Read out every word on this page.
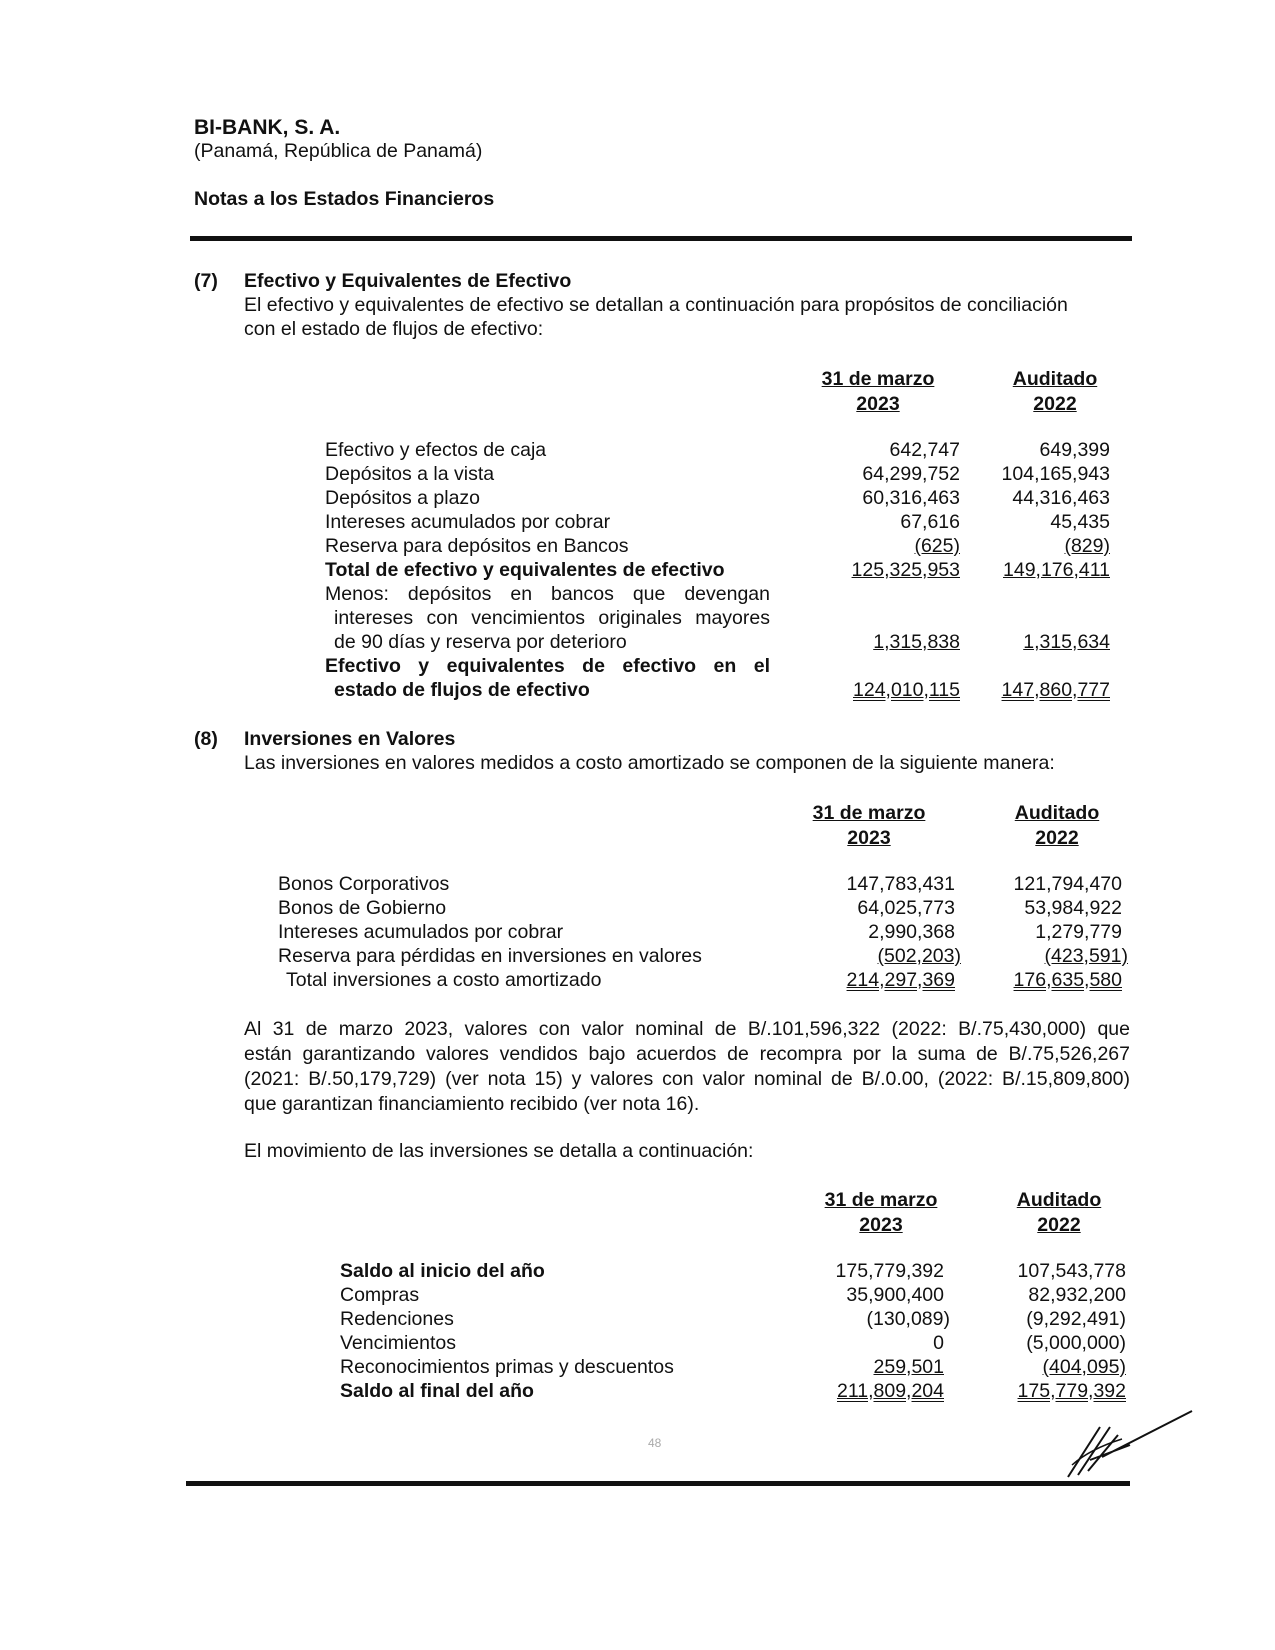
BI-BANK, S. A.
(Panamá, República de Panamá)
Notas a los Estados Financieros
(7) Efectivo y Equivalentes de Efectivo
El efectivo y equivalentes de efectivo se detallan a continuación para propósitos de conciliación
con el estado de flujos de efectivo:
31 de marzo
2023
Auditado
2022
Efectivo y efectos de caja	642,747	649,399
Depósitos a la vista	64,299,752 104,165,943
Depósitos a plazo	60,316,463	44,316,463
Intereses acumulados por cobrar	67,616	45,435
Reserva para depósitos en Bancos	(625)	(829)
Total de efectivo y equivalentes de efectivo	125,325,953 149,176,411
Menos: depósitos en bancos que devengan
intereses con vencimientos originales mayores
de 90 días y reserva por deterioro	1,315,838	1,315,634
Efectivo y equivalentes de efectivo en el
estado de flujos de efectivo	124,010,115 147,860,777
(8) Inversiones en Valores
Las inversiones en valores medidos a costo amortizado se componen de la siguiente manera:
31 de marzo
2023
Auditado
2022
Bonos Corporativos	147,783,431	121,794,470
Bonos de Gobierno	64,025,773	53,984,922
Intereses acumulados por cobrar	2,990,368	1,279,779
Reserva para pérdidas en inversiones en valores	(502,203)	(423,591)
Total inversiones a costo amortizado	214,297,369	176,635,580
Al 31 de marzo 2023, valores con valor nominal de B/.101,596,322 (2022: B/.75,430,000) que
están garantizando valores vendidos bajo acuerdos de recompra por la suma de B/.75,526,267
(2021: B/.50,179,729) (ver nota 15) y valores con valor nominal de B/.0.00, (2022: B/.15,809,800)
que garantizan financiamiento recibido (ver nota 16).
El movimiento de las inversiones se detalla a continuación:
31 de marzo
2023
Auditado
2022
Saldo al inicio del año	175,779,392	107,543,778
Compras	35,900,400	82,932,200
Redenciones	(130,089)	(9,292,491)
Vencimientos	0	(5,000,000)
Reconocimientos primas y descuentos	259,501	(404,095)
Saldo al final del año	211,809,204	175,779,392
48
